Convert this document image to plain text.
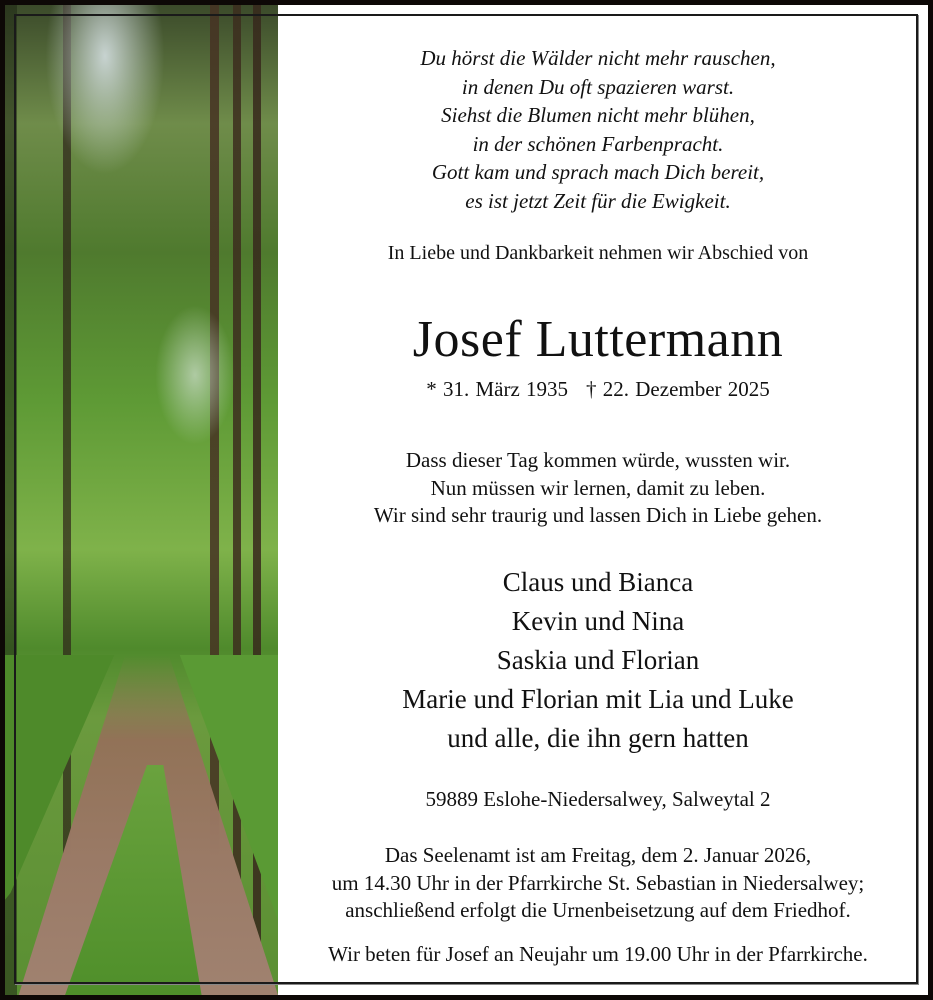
Du hörst die Wälder nicht mehr rauschen,
in denen Du oft spazieren warst.
Siehst die Blumen nicht mehr blühen,
in der schönen Farbenpracht.
Gott kam und sprach mach Dich bereit,
es ist jetzt Zeit für die Ewigkeit.
In Liebe und Dankbarkeit nehmen wir Abschied von
Josef Luttermann
* 31. März 1935 † 22. Dezember 2025
Dass dieser Tag kommen würde, wussten wir.
Nun müssen wir lernen, damit zu leben.
Wir sind sehr traurig und lassen Dich in Liebe gehen.
Claus und Bianca
Kevin und Nina
Saskia und Florian
Marie und Florian mit Lia und Luke
und alle, die ihn gern hatten
59889 Eslohe-Niedersalwey, Salweytal 2
Das Seelenamt ist am Freitag, dem 2. Januar 2026,
um 14.30 Uhr in der Pfarrkirche St. Sebastian in Niedersalwey;
anschließend erfolgt die Urnenbeisetzung auf dem Friedhof.
Wir beten für Josef an Neujahr um 19.00 Uhr in der Pfarrkirche.
